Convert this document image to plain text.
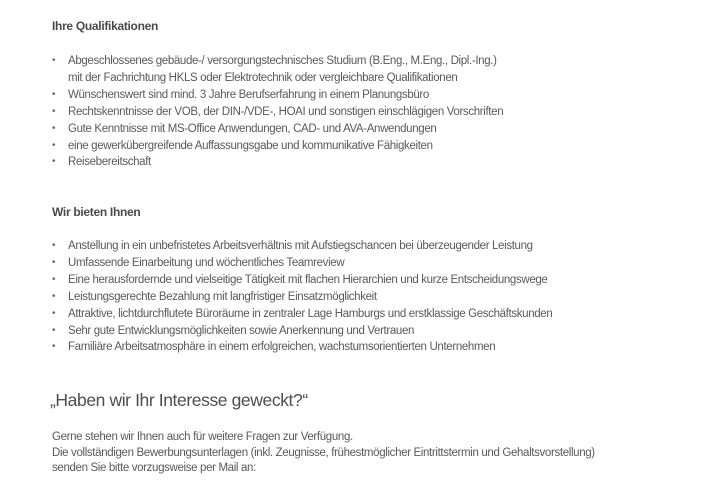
Ihre Qualifikationen
• Abgeschlossenes gebäude-/ versorgungstechnisches Studium (B.Eng., M.Eng., Dipl.-Ing.)
mit der Fachrichtung HKLS oder Elektrotechnik oder vergleichbare Qualifikationen
• Wünschenswert sind mind. 3 Jahre Berufserfahrung in einem Planungsbüro
• Rechtskenntnisse der VOB, der DIN-/VDE-, HOAI und sonstigen einschlägigen Vorschriften
• Gute Kenntnisse mit MS-Office Anwendungen, CAD- und AVA-Anwendungen
• eine gewerkübergreifende Auffassungsgabe und kommunikative Fähigkeiten
• Reisebereitschaft
Wir bieten Ihnen
• Anstellung in ein unbefristetes Arbeitsverhältnis mit Aufstiegschancen bei überzeugender Leistung
• Umfassende Einarbeitung und wöchentliches Teamreview
• Eine herausfordernde und vielseitige Tätigkeit mit flachen Hierarchien und kurze Entscheidungswege
• Leistungsgerechte Bezahlung mit langfristiger Einsatzmöglichkeit
• Attraktive, lichtdurchflutete Büroräume in zentraler Lage Hamburgs und erstklassige Geschäftskunden
• Sehr gute Entwicklungsmöglichkeiten sowie Anerkennung und Vertrauen
• Familiäre Arbeitsatmosphäre in einem erfolgreichen, wachstumsorientierten Unternehmen
„Haben wir Ihr Interesse geweckt?“

Gerne stehen wir Ihnen auch für weitere Fragen zur Verfügung.
Die vollständigen Bewerbungsunterlagen (inkl. Zeugnisse, frühestmöglicher Eintrittstermin und Gehaltsvorstellung)
senden Sie bitte vorzugsweise per Mail an:
